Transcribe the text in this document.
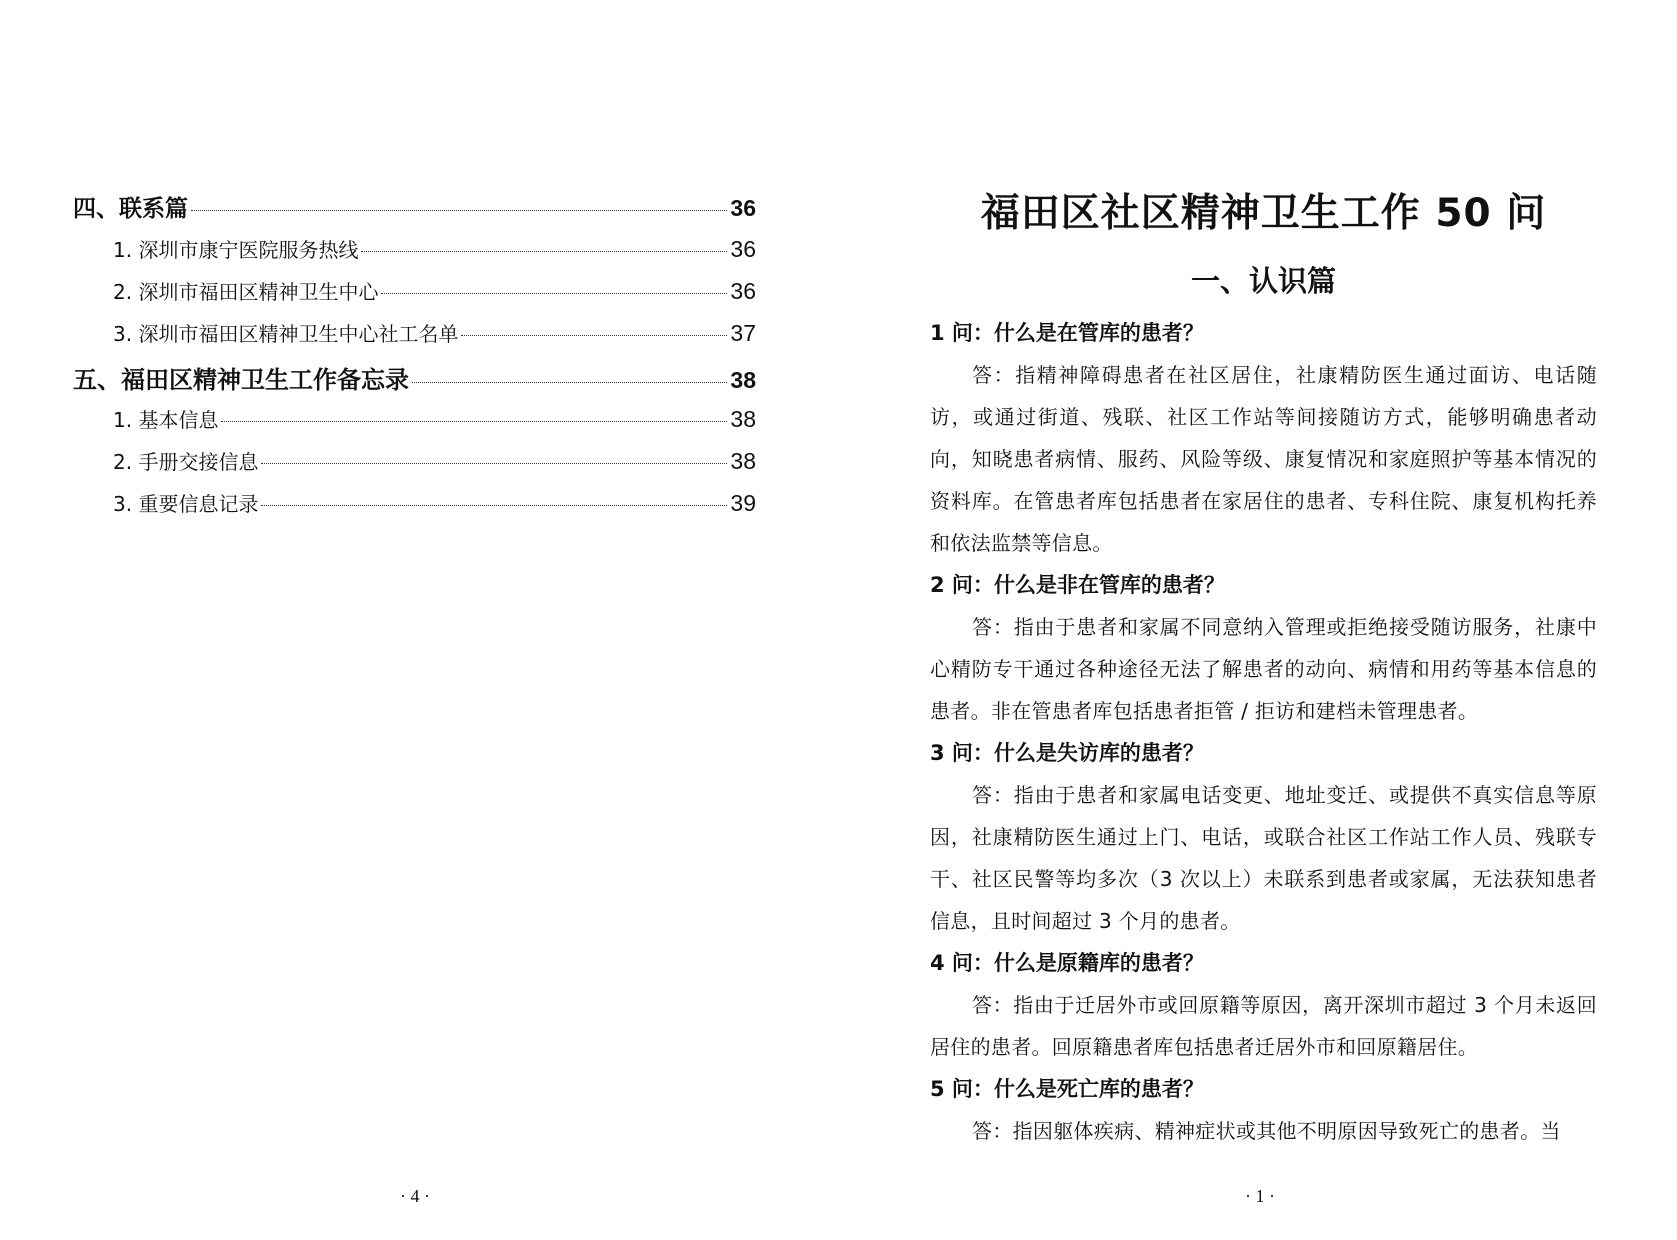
四、联系篇	36
1. 深圳市康宁医院服务热线	36
2. 深圳市福田区精神卫生中心	36
3. 深圳市福田区精神卫生中心社工名单	37
五、福田区精神卫生工作备忘录	38
1. 基本信息	38
2. 手册交接信息	38
3. 重要信息记录	39
· 4 ·
福田区社区精神卫生工作 50 问
一、认识篇

1 问：什么是在管库的患者？

答：指精神障碍患者在社区居住，社康精防医生通过面访、电话随访，或通过街道、残联、社区工作站等间接随访方式，能够明确患者动向，知晓患者病情、服药、风险等级、康复情况和家庭照护等基本情况的资料库。在管患者库包括患者在家居住的患者、专科住院、康复机构托养和依法监禁等信息。

2 问：什么是非在管库的患者？

答：指由于患者和家属不同意纳入管理或拒绝接受随访服务，社康中心精防专干通过各种途径无法了解患者的动向、病情和用药等基本信息的患者。非在管患者库包括患者拒管 / 拒访和建档未管理患者。

3 问：什么是失访库的患者？

答：指由于患者和家属电话变更、地址变迁、或提供不真实信息等原因，社康精防医生通过上门、电话，或联合社区工作站工作人员、残联专干、社区民警等均多次（3 次以上）未联系到患者或家属，无法获知患者信息，且时间超过 3 个月的患者。

4 问：什么是原籍库的患者？

答：指由于迁居外市或回原籍等原因，离开深圳市超过 3 个月未返回居住的患者。回原籍患者库包括患者迁居外市和回原籍居住。

5 问：什么是死亡库的患者？

答：指因躯体疾病、精神症状或其他不明原因导致死亡的患者。当

· 1 ·
